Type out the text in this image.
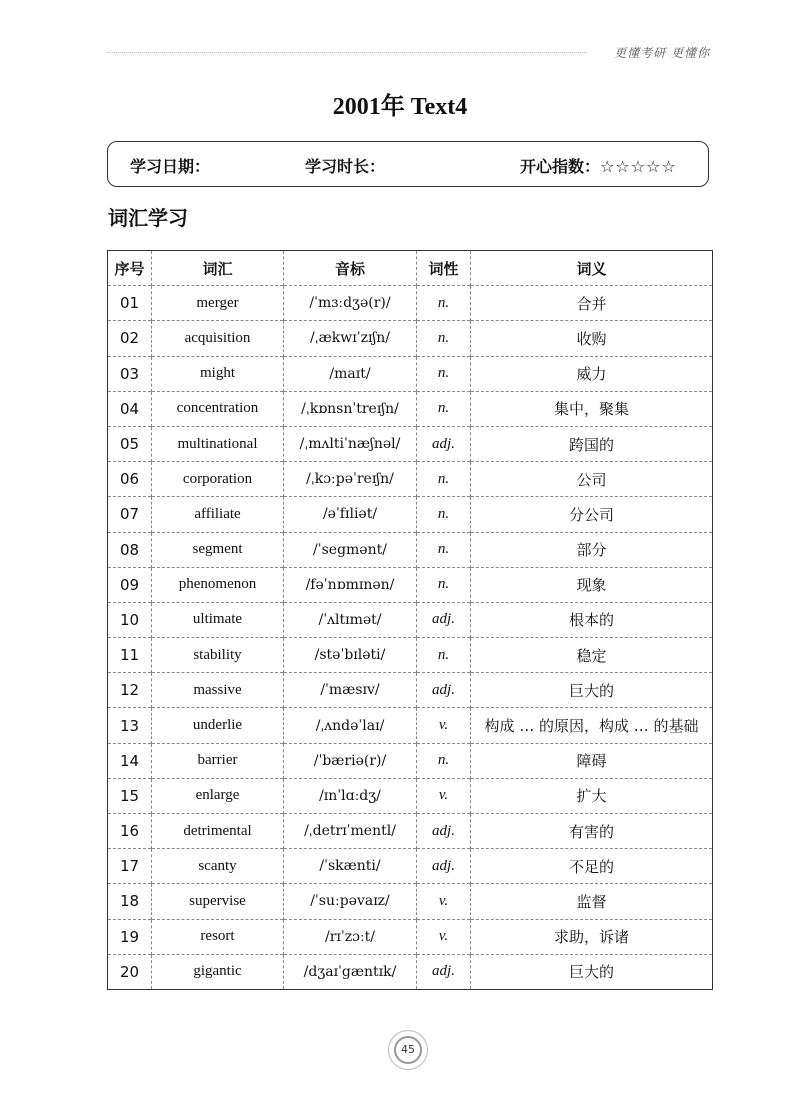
更懂考研 更懂你
2001年 Text4
学习日期：	学习时长：	开心指数：☆☆☆☆☆
词汇学习
序号	词汇	音标	词性	词义
01	merger	/ˈmɜːdʒə(r)/	n.	合并
02	acquisition	/ˌækwɪˈzɪʃn/	n.	收购
03	might	/maɪt/	n.	威力
04	concentration	/ˌkɒnsnˈtreɪʃn/	n.	集中，聚集
05	multinational	/ˌmʌltiˈnæʃnəl/	adj.	跨国的
06	corporation	/ˌkɔːpəˈreɪʃn/	n.	公司
07	affiliate	/əˈfɪliət/	n.	分公司
08	segment	/ˈsegmənt/	n.	部分
09	phenomenon	/fəˈnɒmɪnən/	n.	现象
10	ultimate	/ˈʌltɪmət/	adj.	根本的
11	stability	/stəˈbɪləti/	n.	稳定
12	massive	/ˈmæsɪv/	adj.	巨大的
13	underlie	/ˌʌndəˈlaɪ/	v.	构成 … 的原因，构成 … 的基础
14	barrier	/ˈbæriə(r)/	n.	障碍
15	enlarge	/ɪnˈlɑːdʒ/	v.	扩大
16	detrimental	/ˌdetrɪˈmentl/	adj.	有害的
17	scanty	/ˈskænti/	adj.	不足的
18	supervise	/ˈsuːpəvaɪz/	v.	监督
19	resort	/rɪˈzɔːt/	v.	求助，诉诸
20	gigantic	/dʒaɪˈgæntɪk/	adj.	巨大的
45
